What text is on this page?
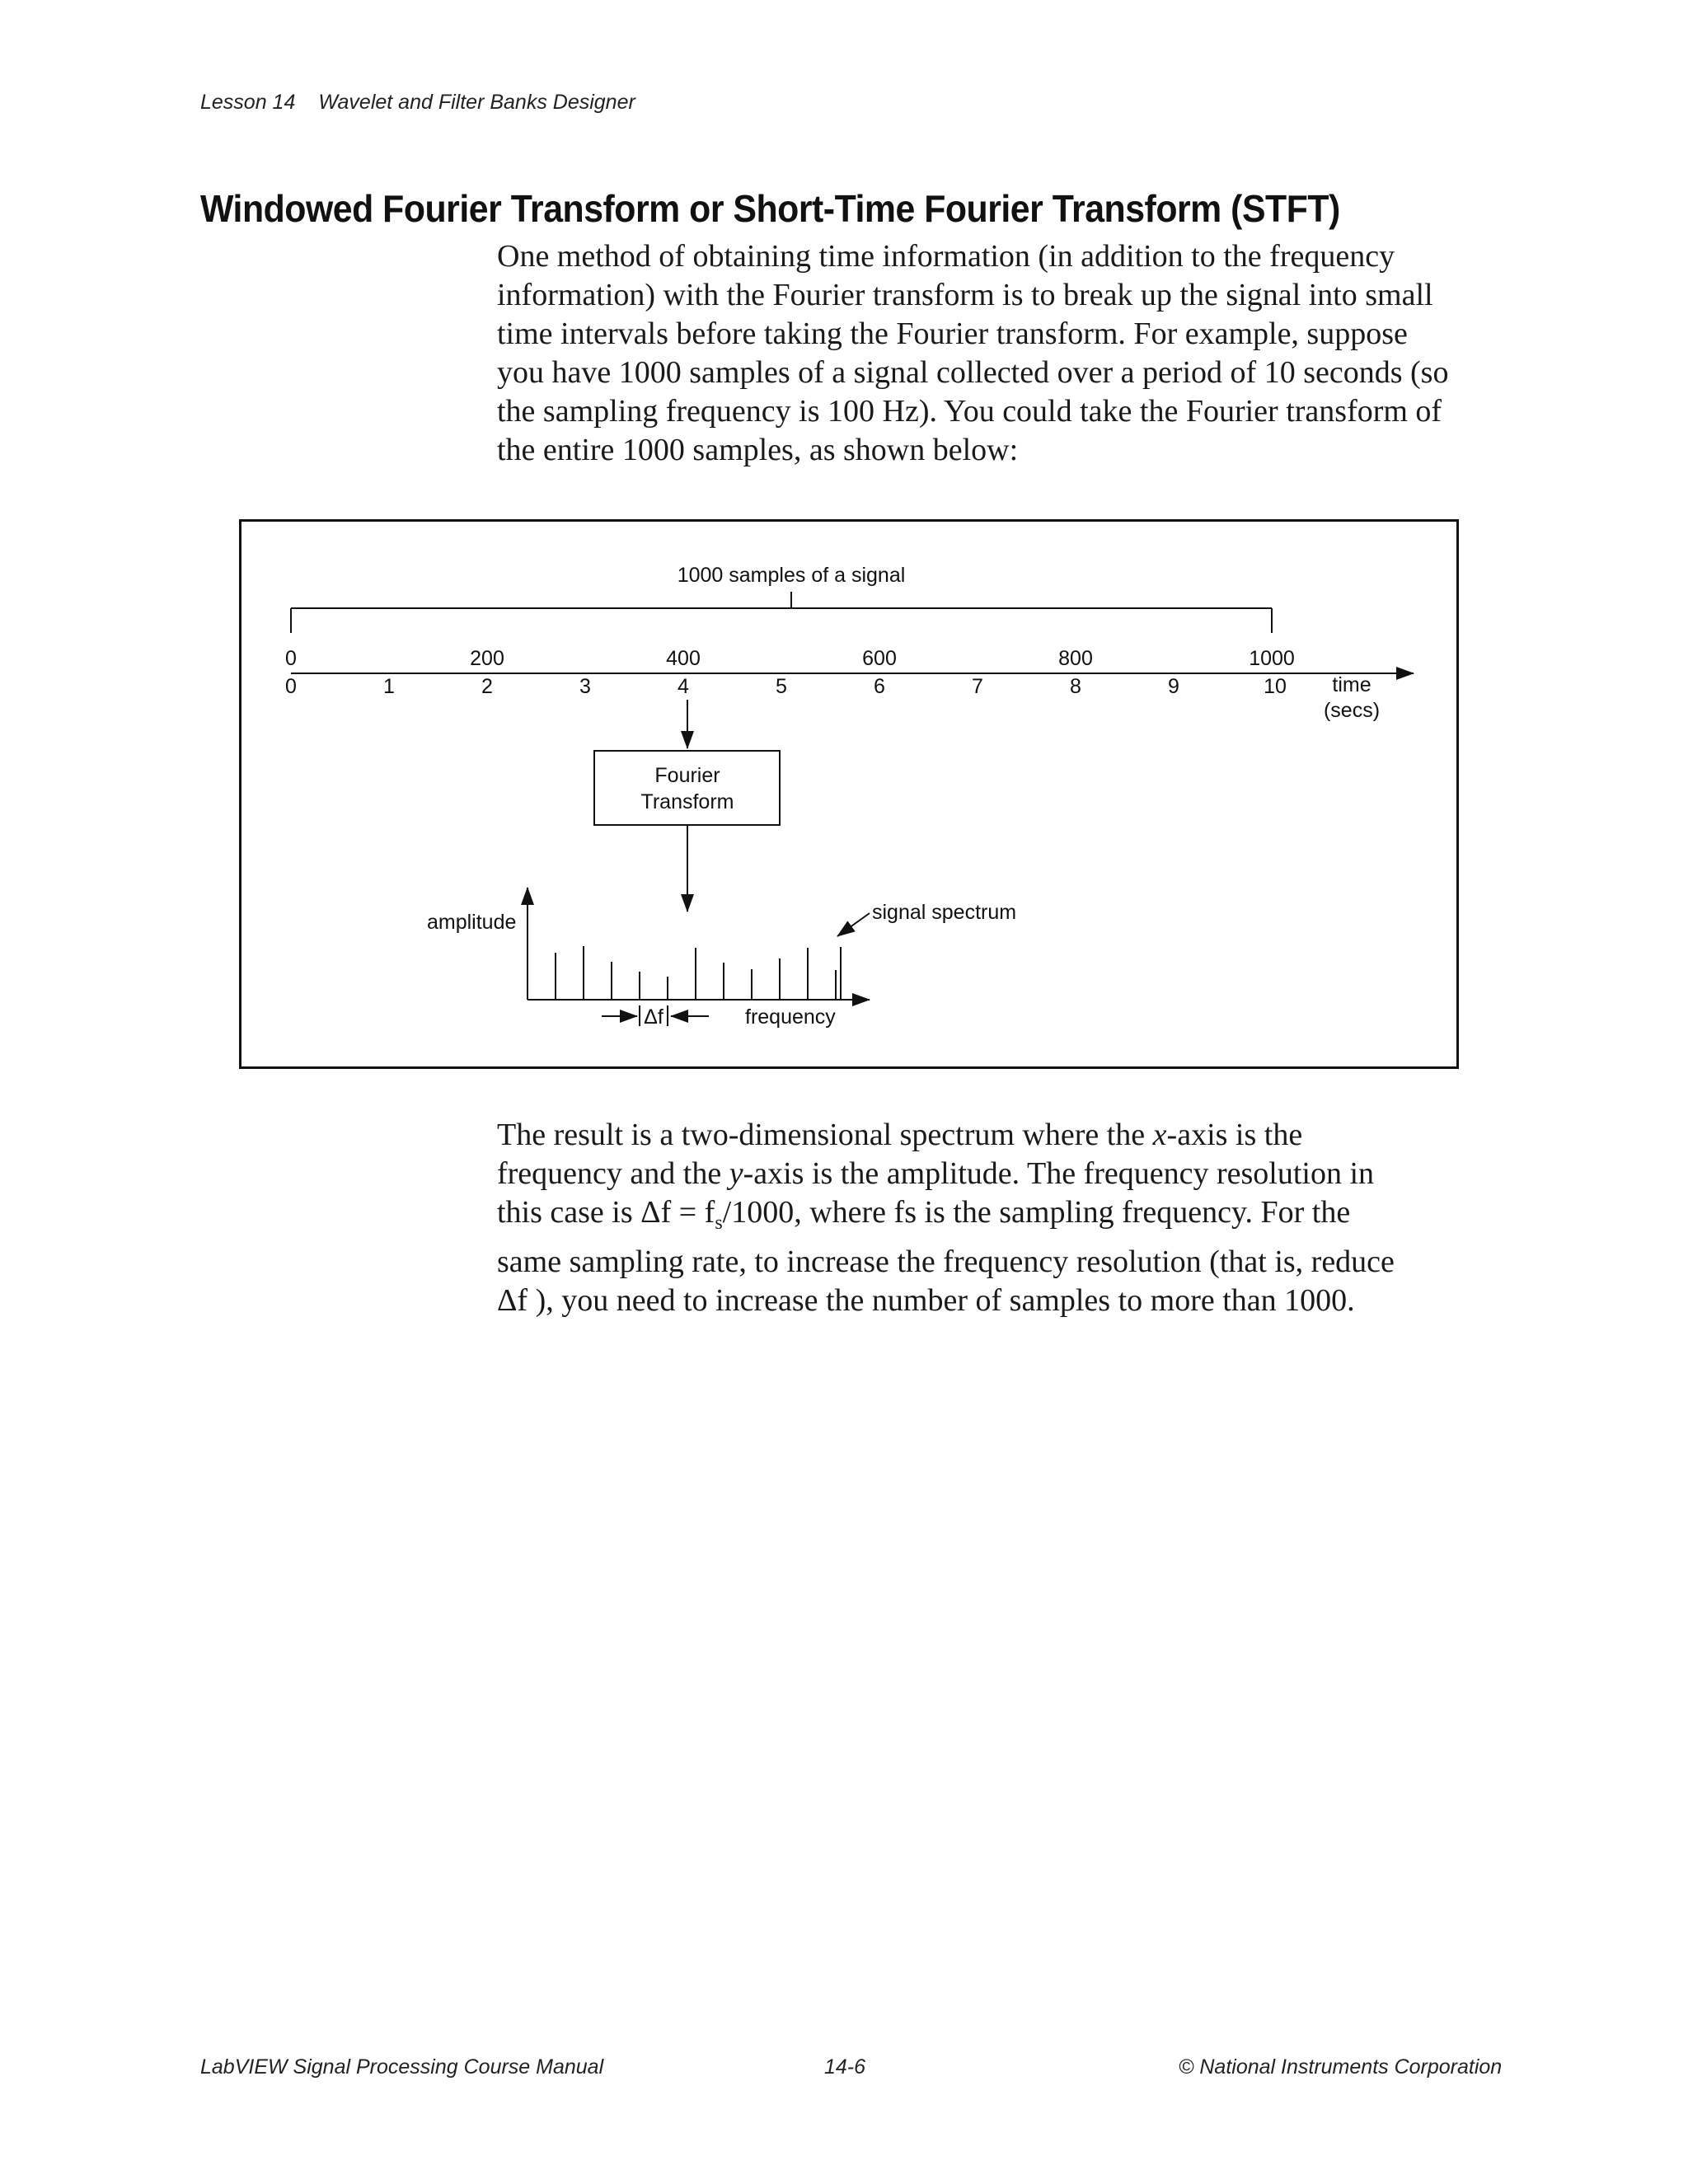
Lesson 14 Wavelet and Filter Banks Designer
Windowed Fourier Transform or Short-Time Fourier Transform (STFT)

One method of obtaining time information (in addition to the frequency
information) with the Fourier transform is to break up the signal into small
time intervals before taking the Fourier transform. For example, suppose
you have 1000 samples of a signal collected over a period of 10 seconds (so
the sampling frequency is 100 Hz). You could take the Fourier transform of
the entire 1000 samples, as shown below:

1000 samples of a signal
0	200	400	600	800	1000
0	1	2	3	4	5	6	7	8	9	10 time
(secs)
Fourier
Transform
amplitude	signal spectrum
Δf	frequency

The result is a two-dimensional spectrum where the x-axis is the
frequency and the y-axis is the amplitude. The frequency resolution in
this case is $\Delta f = f_s/1000$, where fs is the sampling frequency. For the
same sampling rate, to increase the frequency resolution (that is, reduce
Δf ), you need to increase the number of samples to more than 1000.

LabVIEW Signal Processing Course Manual	14-6	© National Instruments Corporation
